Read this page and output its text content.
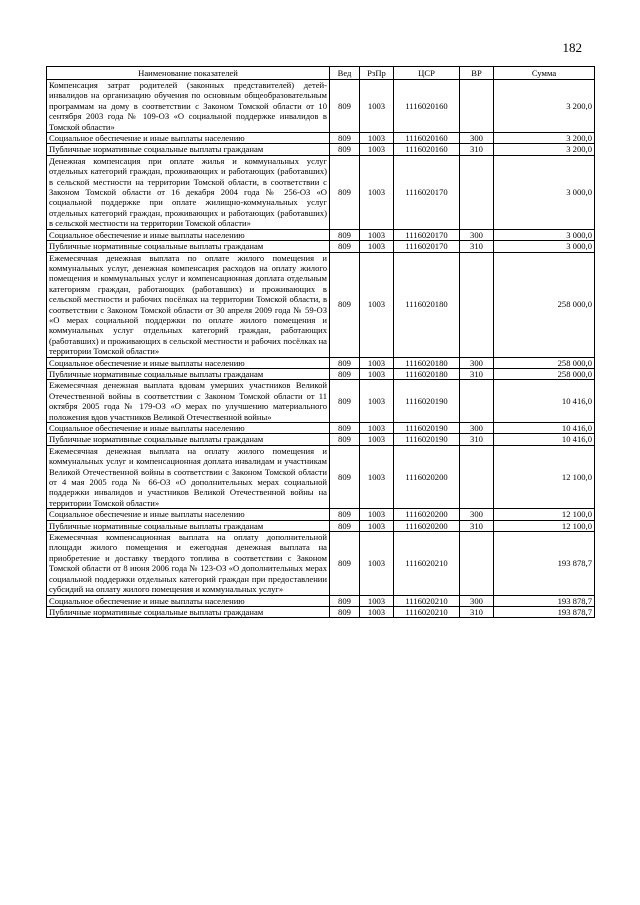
182
Наименование показателей	Вед	РзПр	ЦСР	ВР	Сумма
Компенсация затрат родителей (законных представителей) детей-инвалидов на организацию обучения по основным общеобразовательным программам на дому в соответствии с Законом Томской области от 10 сентября 2003 года № 109-ОЗ «О социальной поддержке инвалидов в Томской области»	809	1003	1116020160		3 200,0
Социальное обеспечение и иные выплаты населению	809	1003	1116020160	300	3 200,0
Публичные нормативные социальные выплаты гражданам	809	1003	1116020160	310	3 200,0
Денежная компенсация при оплате жилья и коммунальных услуг отдельных категорий граждан, проживающих и работающих (работавших) в сельской местности на территории Томской области, в соответствии с Законом Томской области от 16 декабря 2004 года № 256-ОЗ «О социальной поддержке при оплате жилищно-коммунальных услуг отдельных категорий граждан, проживающих и работающих (работавших) в сельской местности на территории Томской области»	809	1003	1116020170		3 000,0
Социальное обеспечение и иные выплаты населению	809	1003	1116020170	300	3 000,0
Публичные нормативные социальные выплаты гражданам	809	1003	1116020170	310	3 000,0
Ежемесячная денежная выплата по оплате жилого помещения и коммунальных услуг, денежная компенсация расходов на оплату жилого помещения и коммунальных услуг и компенсационная доплата отдельным категориям граждан, работающих (работавших) и проживающих в сельской местности и рабочих посёлках на территории Томской области, в соответствии с Законом Томской области от 30 апреля 2009 года № 59-ОЗ «О мерах социальной поддержки по оплате жилого помещения и коммунальных услуг отдельных категорий граждан, работающих (работавших) и проживающих в сельской местности и рабочих посёлках на территории Томской области»	809	1003	1116020180		258 000,0
Социальное обеспечение и иные выплаты населению	809	1003	1116020180	300	258 000,0
Публичные нормативные социальные выплаты гражданам	809	1003	1116020180	310	258 000,0
Ежемесячная денежная выплата вдовам умерших участников Великой Отечественной войны в соответствии с Законом Томской области от 11 октября 2005 года № 179-ОЗ «О мерах по улучшению материального положения вдов участников Великой Отечественной войны»	809	1003	1116020190		10 416,0
Социальное обеспечение и иные выплаты населению	809	1003	1116020190	300	10 416,0
Публичные нормативные социальные выплаты гражданам	809	1003	1116020190	310	10 416,0
Ежемесячная денежная выплата на оплату жилого помещения и коммунальных услуг и компенсационная доплата инвалидам и участникам Великой Отечественной войны в соответствии с Законом Томской области от 4 мая 2005 года № 66-ОЗ «О дополнительных мерах социальной поддержки инвалидов и участников Великой Отечественной войны на территории Томской области»	809	1003	1116020200		12 100,0
Социальное обеспечение и иные выплаты населению	809	1003	1116020200	300	12 100,0
Публичные нормативные социальные выплаты гражданам	809	1003	1116020200	310	12 100,0
Ежемесячная компенсационная выплата на оплату дополнительной площади жилого помещения и ежегодная денежная выплата на приобретение и доставку твердого топлива в соответствии с Законом Томской области от 8 июня 2006 года № 123-ОЗ «О дополнительных мерах социальной поддержки отдельных категорий граждан при предоставлении субсидий на оплату жилого помещения и коммунальных услуг»	809	1003	1116020210		193 878,7
Социальное обеспечение и иные выплаты населению	809	1003	1116020210	300	193 878,7
Публичные нормативные социальные выплаты гражданам	809	1003	1116020210	310	193 878,7
